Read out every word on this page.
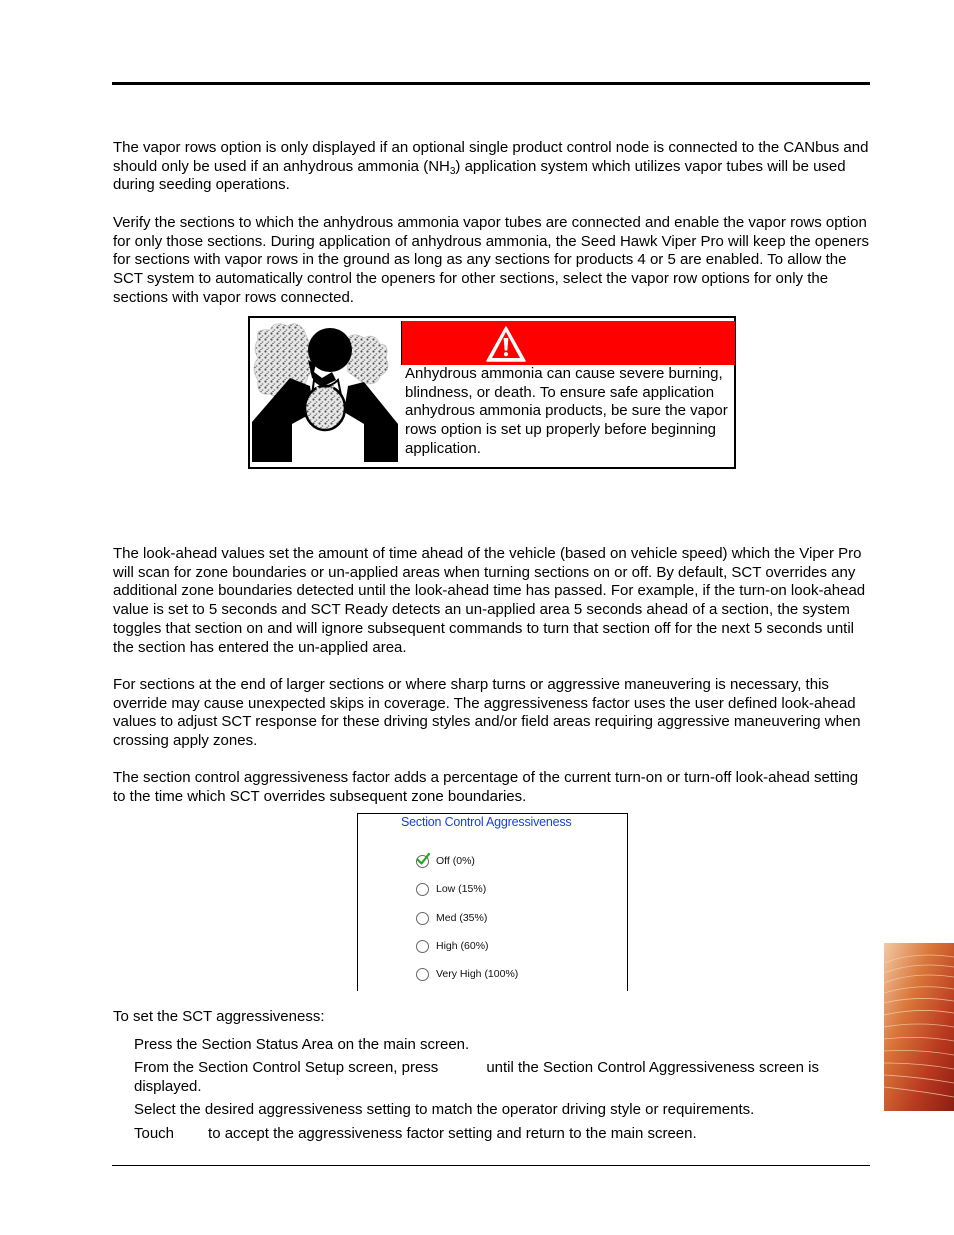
The vapor rows option is only displayed if an optional single product control node is connected to the CANbus and should only be used if an anhydrous ammonia $(NH_3)$ application system which utilizes vapor tubes will be used during seeding operations.

Verify the sections to which the anhydrous ammonia vapor tubes are connected and enable the vapor rows option for only those sections. During application of anhydrous ammonia, the Seed Hawk Viper Pro will keep the openers for sections with vapor rows in the ground as long as any sections for products 4 or 5 are enabled. To allow the SCT system to automatically control the openers for other sections, select the vapor row options for only the sections with vapor rows connected.

Anhydrous ammonia can cause severe burning, blindness, or death. To ensure safe application anhydrous ammonia products, be sure the vapor rows option is set up properly before beginning application.

The look-ahead values set the amount of time ahead of the vehicle (based on vehicle speed) which the Viper Pro will scan for zone boundaries or un-applied areas when turning sections on or off. By default, SCT overrides any additional zone boundaries detected until the look-ahead time has passed. For example, if the turn-on look-ahead value is set to 5 seconds and SCT Ready detects an un-applied area 5 seconds ahead of a section, the system toggles that section on and will ignore subsequent commands to turn that section off for the next 5 seconds until the section has entered the un-applied area.

For sections at the end of larger sections or where sharp turns or aggressive maneuvering is necessary, this override may cause unexpected skips in coverage. The aggressiveness factor uses the user defined look-ahead values to adjust SCT response for these driving styles and/or field areas requiring aggressive maneuvering when crossing apply zones.

The section control aggressiveness factor adds a percentage of the current turn-on or turn-off look-ahead setting to the time which SCT overrides subsequent zone boundaries.

Section Control Aggressiveness
Off (0%)
Low (15%)
Med (35%)
High (60%)
Very High (100%)
To set the SCT aggressiveness:

Press the Section Status Area on the main screen.

From the Section Control Setup screen, press	until the Section Control Aggressiveness screen is displayed.

Select the desired aggressiveness setting to match the operator driving style or requirements.

Touch to accept the aggressiveness factor setting and return to the main screen.
